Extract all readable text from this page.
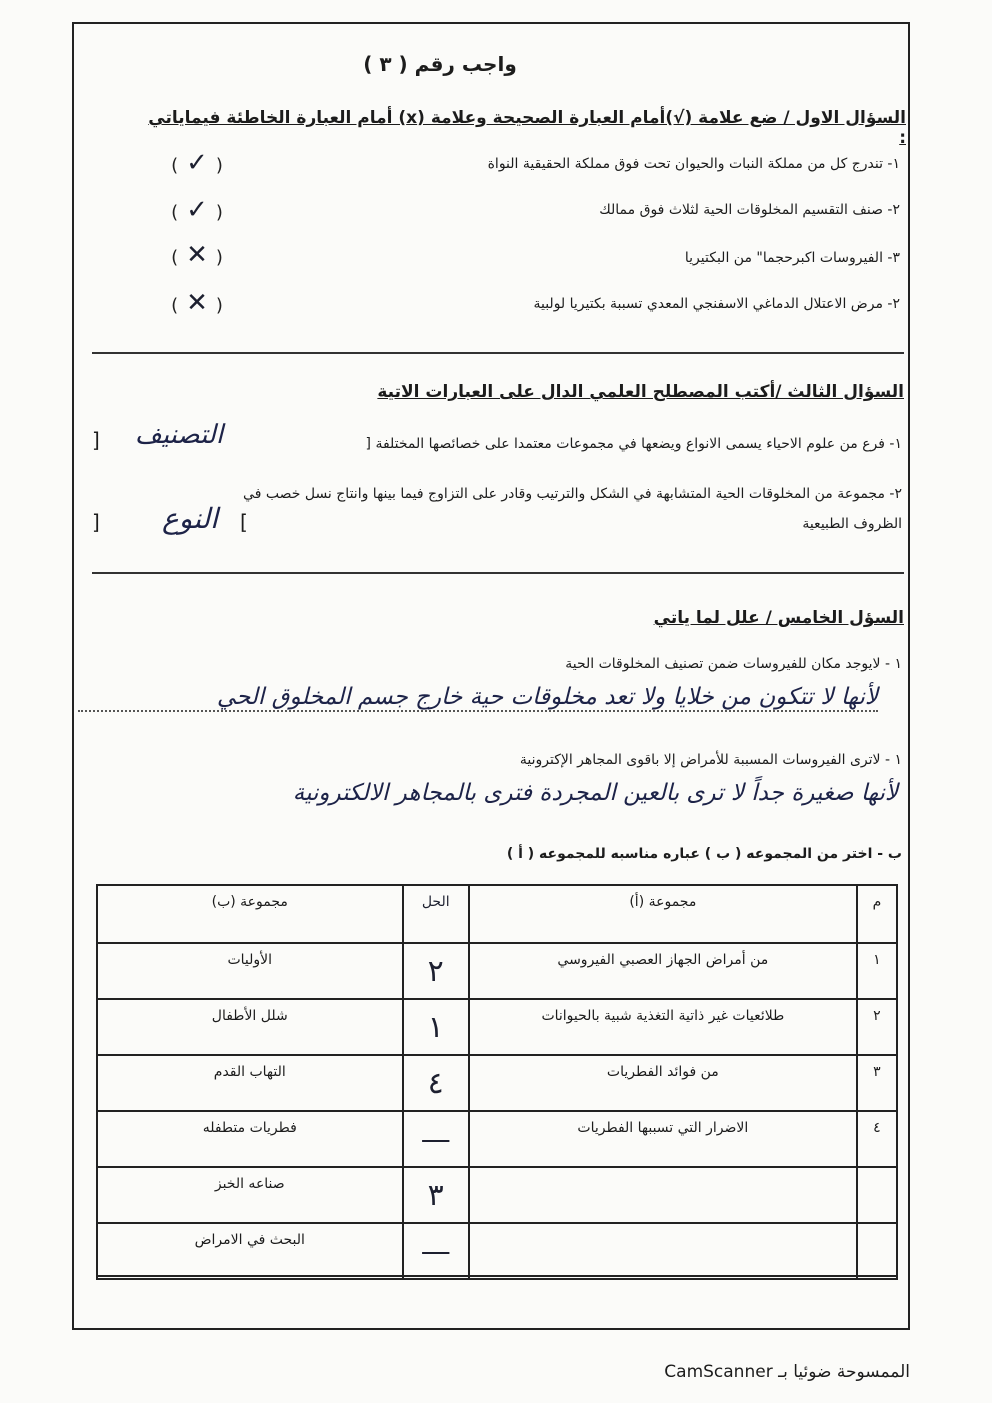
واجب رقم ( ٣ )
السؤال الاول / ضع علامة (√)أمام العبارة الصحيحة وعلامة (x) أمام العبارة الخاطئة فيماياتي :
١- تندرج كل من مملكة النبات والحيوان تحت فوق مملكة الحقيقية النواة
( ✓ )
٢- صنف التقسيم المخلوقات الحية لثلاث فوق ممالك
( ✓ )
٣- الفيروسات اكبرحجما" من البكتيريا
( ✕ )
٢- مرض الاعتلال الدماغي الاسفنجي المعدي تسببة بكتيريا لولبية
( ✕ )
السؤال الثالث /أكتب المصطلح العلمي الدال على العبارات الاتية
١- فرع من علوم الاحياء يسمى الانواع ويضعها في مجموعات معتمدا على خصائصها المختلفة [
التصنيف
]
٢- مجموعة من المخلوقات الحية المتشابهة في الشكل والترتيب وقادر على التزاوج فيما بينها وانتاج نسل خصب في
الظروف الطبيعية
[
النوع
]
السؤل الخامس / علل لما ياتي
١ - لايوجد مكان للفيروسات ضمن تصنيف المخلوقات الحية
لأنها لا تتكون من خلايا ولا تعد مخلوقات حية خارج جسم المخلوق الحي
١ - لاترى الفيروسات المسببة للأمراض إلا باقوى المجاهر الإكترونية
لأنها صغيرة جداً لا ترى بالعين المجردة فترى بالمجاهر الالكترونية
ب - اختر من المجموعه ( ب ) عباره مناسبه للمجموعه ( أ )
م	مجموعة (أ)	الحل	مجموعة (ب)
١	من أمراض الجهاز العصبي الفيروسي	٢	الأوليات
٢	طلائعيات غير ذاتية التغذية شبية بالحيوانات	١	شلل الأطفال
٣	من فوائد الفطريات	٤	التهاب القدم
٤	الاضرار التي تسببها الفطريات	—	فطريات متطفله
		٣	صناعه الخبز
		—	البحث في الامراض
الممسوحة ضوئيا بـ CamScanner
